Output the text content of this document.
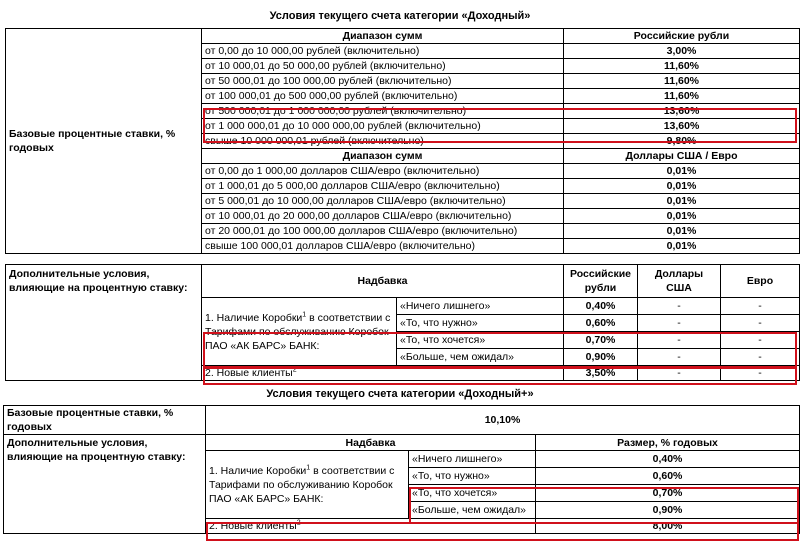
Условия текущего счета категории «Доходный»
Базовые процентные ставки, % годовых	Диапазон сумм	Российские рубли
	от 0,00 до 10 000,00 рублей (включительно)	3,00%
	от 10 000,01 до 50 000,00 рублей (включительно)	11,60%
	от 50 000,01 до 100 000,00 рублей (включительно)	11,60%
	от 100 000,01 до 500 000,00 рублей (включительно)	11,60%
	от 500 000,01 до 1 000 000,00 рублей (включительно)	13,60%
	от 1 000 000,01 до 10 000 000,00 рублей (включительно)	13,60%
	свыше 10 000 000,01 рублей (включительно)	9,80%
	Диапазон сумм	Доллары США / Евро
	от 0,00 до 1 000,00 долларов США/евро (включительно)	0,01%
	от 1 000,01 до 5 000,00 долларов США/евро (включительно)	0,01%
	от 5 000,01 до 10 000,00 долларов США/евро (включительно)	0,01%
	от 10 000,01 до 20 000,00 долларов США/евро (включительно)	0,01%
	от 20 000,01 до 100 000,00 долларов США/евро (включительно)	0,01%
	свыше 100 000,01 долларов США/евро (включительно)	0,01%
Дополнительные условия, влияющие на процентную ставку:	Надбавка		Российские рубли	Доллары США	Евро
	1. Наличие Коробки$^1$ в соответствии с Тарифами по обслуживанию Коробок ПАО «АК БАРС» БАНК:	«Ничего лишнего»	0,40%	-	-
		«То, что нужно»	0,60%	-	-
		«То, что хочется»	0,70%	-	-
		«Больше, чем ожидал»	0,90%	-	-
	2. Новые клиенты$^2$		3,50%	-	-
Условия текущего счета категории «Доходный+»
Базовые процентные ставки, % годовых	10,10%		
Дополнительные условия, влияющие на процентную ставку:	Надбавка		Размер, % годовых
	1. Наличие Коробки$^1$ в соответствии с Тарифами по обслуживанию Коробок ПАО «АК БАРС» БАНК:	«Ничего лишнего»	0,40%
		«То, что нужно»	0,60%
		«То, что хочется»	0,70%
		«Больше, чем ожидал»	0,90%
	2. Новые клиенты$^2$		8,00%
